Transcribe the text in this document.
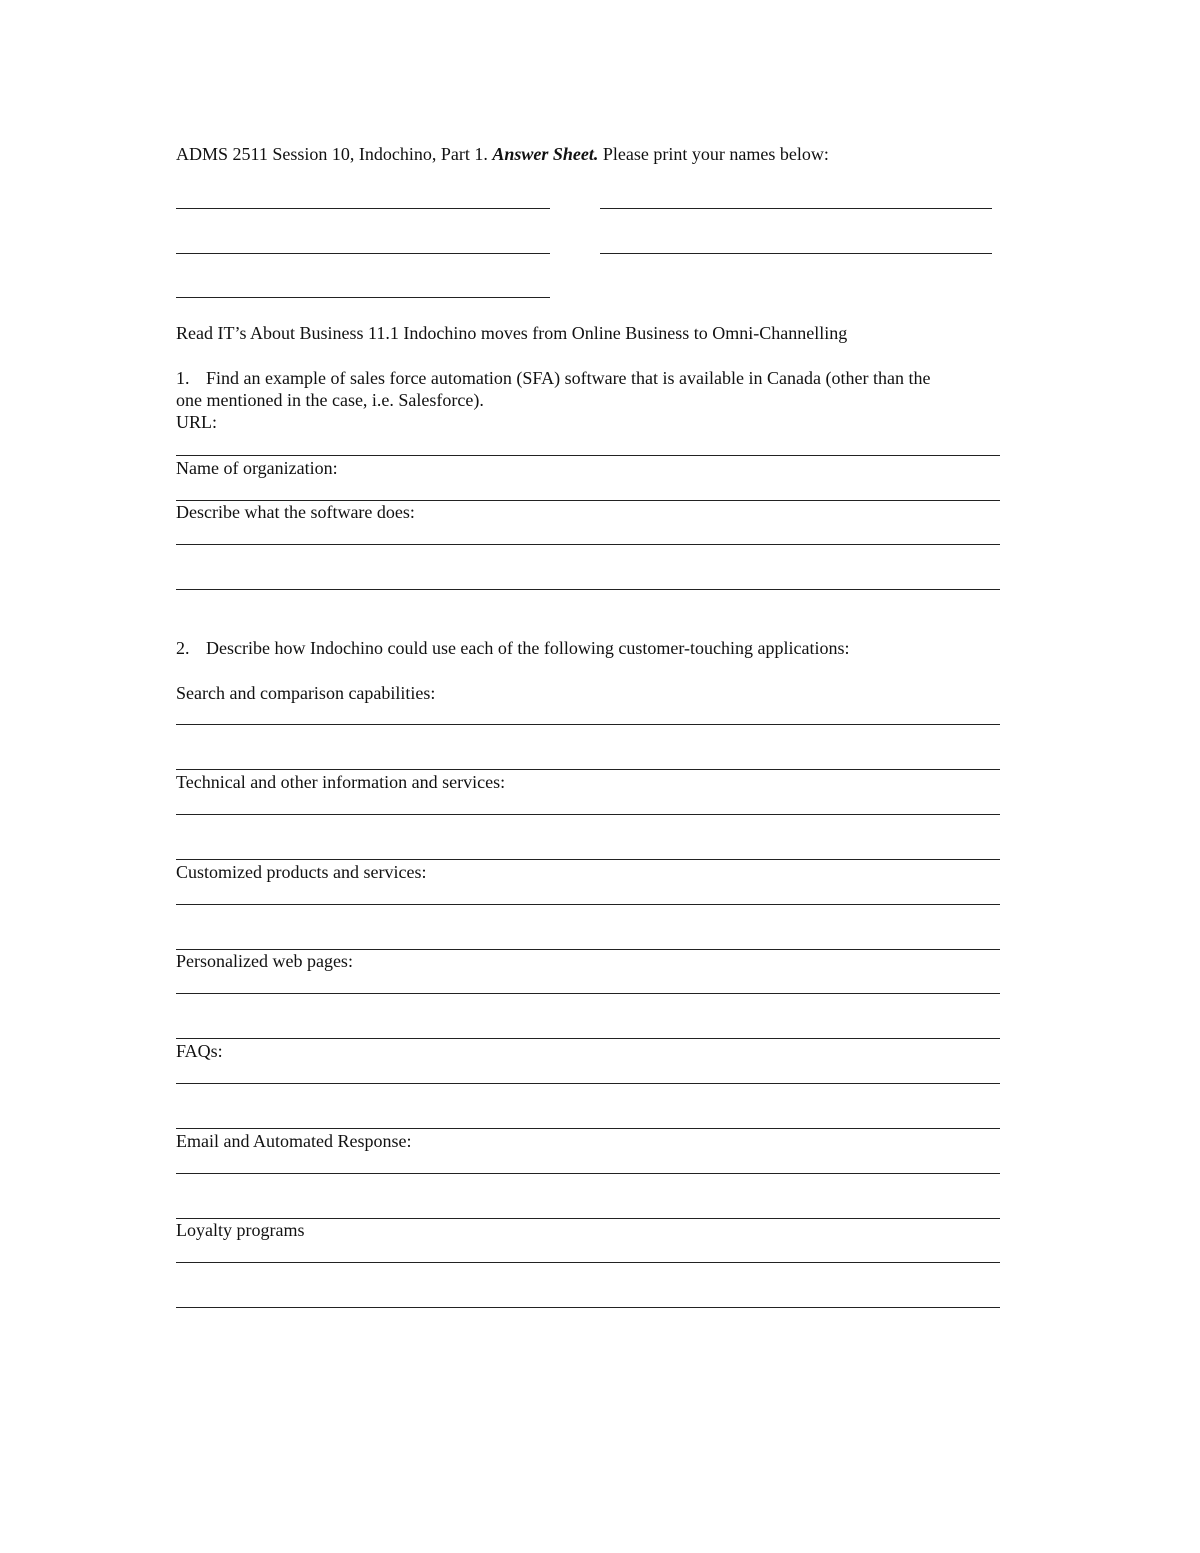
ADMS 2511 Session 10, Indochino, Part 1. Answer Sheet. Please print your names below:
Read IT’s About Business 11.1 Indochino moves from Online Business to Omni-Channelling
1. Find an example of sales force automation (SFA) software that is available in Canada (other than the
one mentioned in the case, i.e. Salesforce).
URL:
Name of organization:
Describe what the software does:
2. Describe how Indochino could use each of the following customer-touching applications:
Search and comparison capabilities:
Technical and other information and services:
Customized products and services:
Personalized web pages:
FAQs:
Email and Automated Response:
Loyalty programs
